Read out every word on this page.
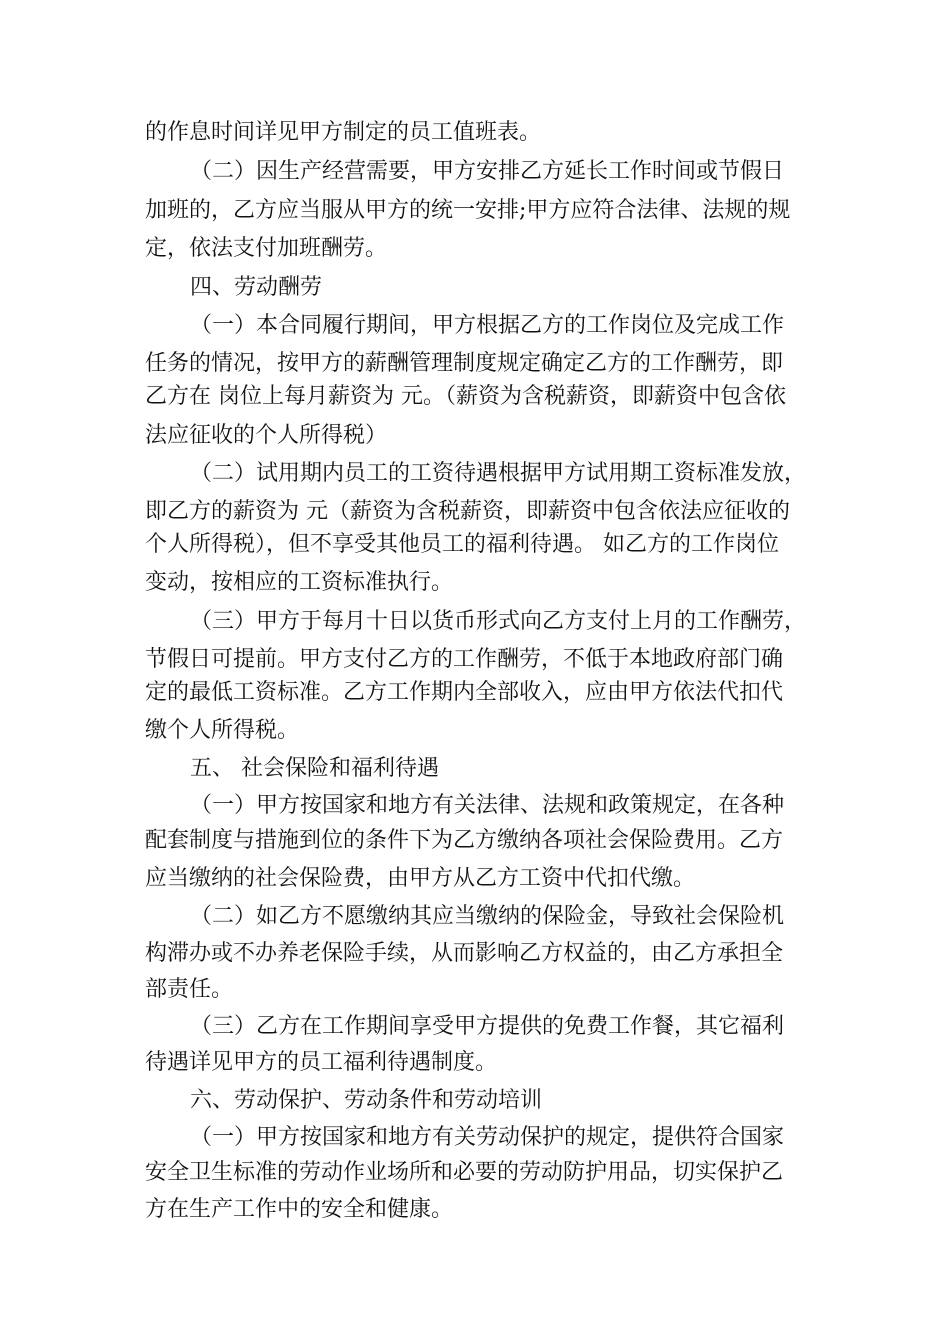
的作息时间详见甲方制定的员工值班表。
（二）因生产经营需要，甲方安排乙方延长工作时间或节假日
加班的，乙方应当服从甲方的统一安排;甲方应符合法律、法规的规
定，依法支付加班酬劳。
四、劳动酬劳
（一）本合同履行期间，甲方根据乙方的工作岗位及完成工作
任务的情况，按甲方的薪酬管理制度规定确定乙方的工作酬劳，即
乙方在 岗位上每月薪资为 元。（薪资为含税薪资，即薪资中包含依
法应征收的个人所得税）
（二）试用期内员工的工资待遇根据甲方试用期工资标准发放，
即乙方的薪资为 元（薪资为含税薪资，即薪资中包含依法应征收的
个人所得税），但不享受其他员工的福利待遇。 如乙方的工作岗位
变动，按相应的工资标准执行。
（三）甲方于每月十日以货币形式向乙方支付上月的工作酬劳，
节假日可提前。甲方支付乙方的工作酬劳，不低于本地政府部门确
定的最低工资标准。乙方工作期内全部收入，应由甲方依法代扣代
缴个人所得税。
五、 社会保险和福利待遇
（一）甲方按国家和地方有关法律、法规和政策规定，在各种
配套制度与措施到位的条件下为乙方缴纳各项社会保险费用。乙方
应当缴纳的社会保险费，由甲方从乙方工资中代扣代缴。
（二）如乙方不愿缴纳其应当缴纳的保险金，导致社会保险机
构滞办或不办养老保险手续，从而影响乙方权益的，由乙方承担全
部责任。
（三）乙方在工作期间享受甲方提供的免费工作餐，其它福利
待遇详见甲方的员工福利待遇制度。
六、劳动保护、劳动条件和劳动培训
（一）甲方按国家和地方有关劳动保护的规定，提供符合国家
安全卫生标准的劳动作业场所和必要的劳动防护用品，切实保护乙
方在生产工作中的安全和健康。
